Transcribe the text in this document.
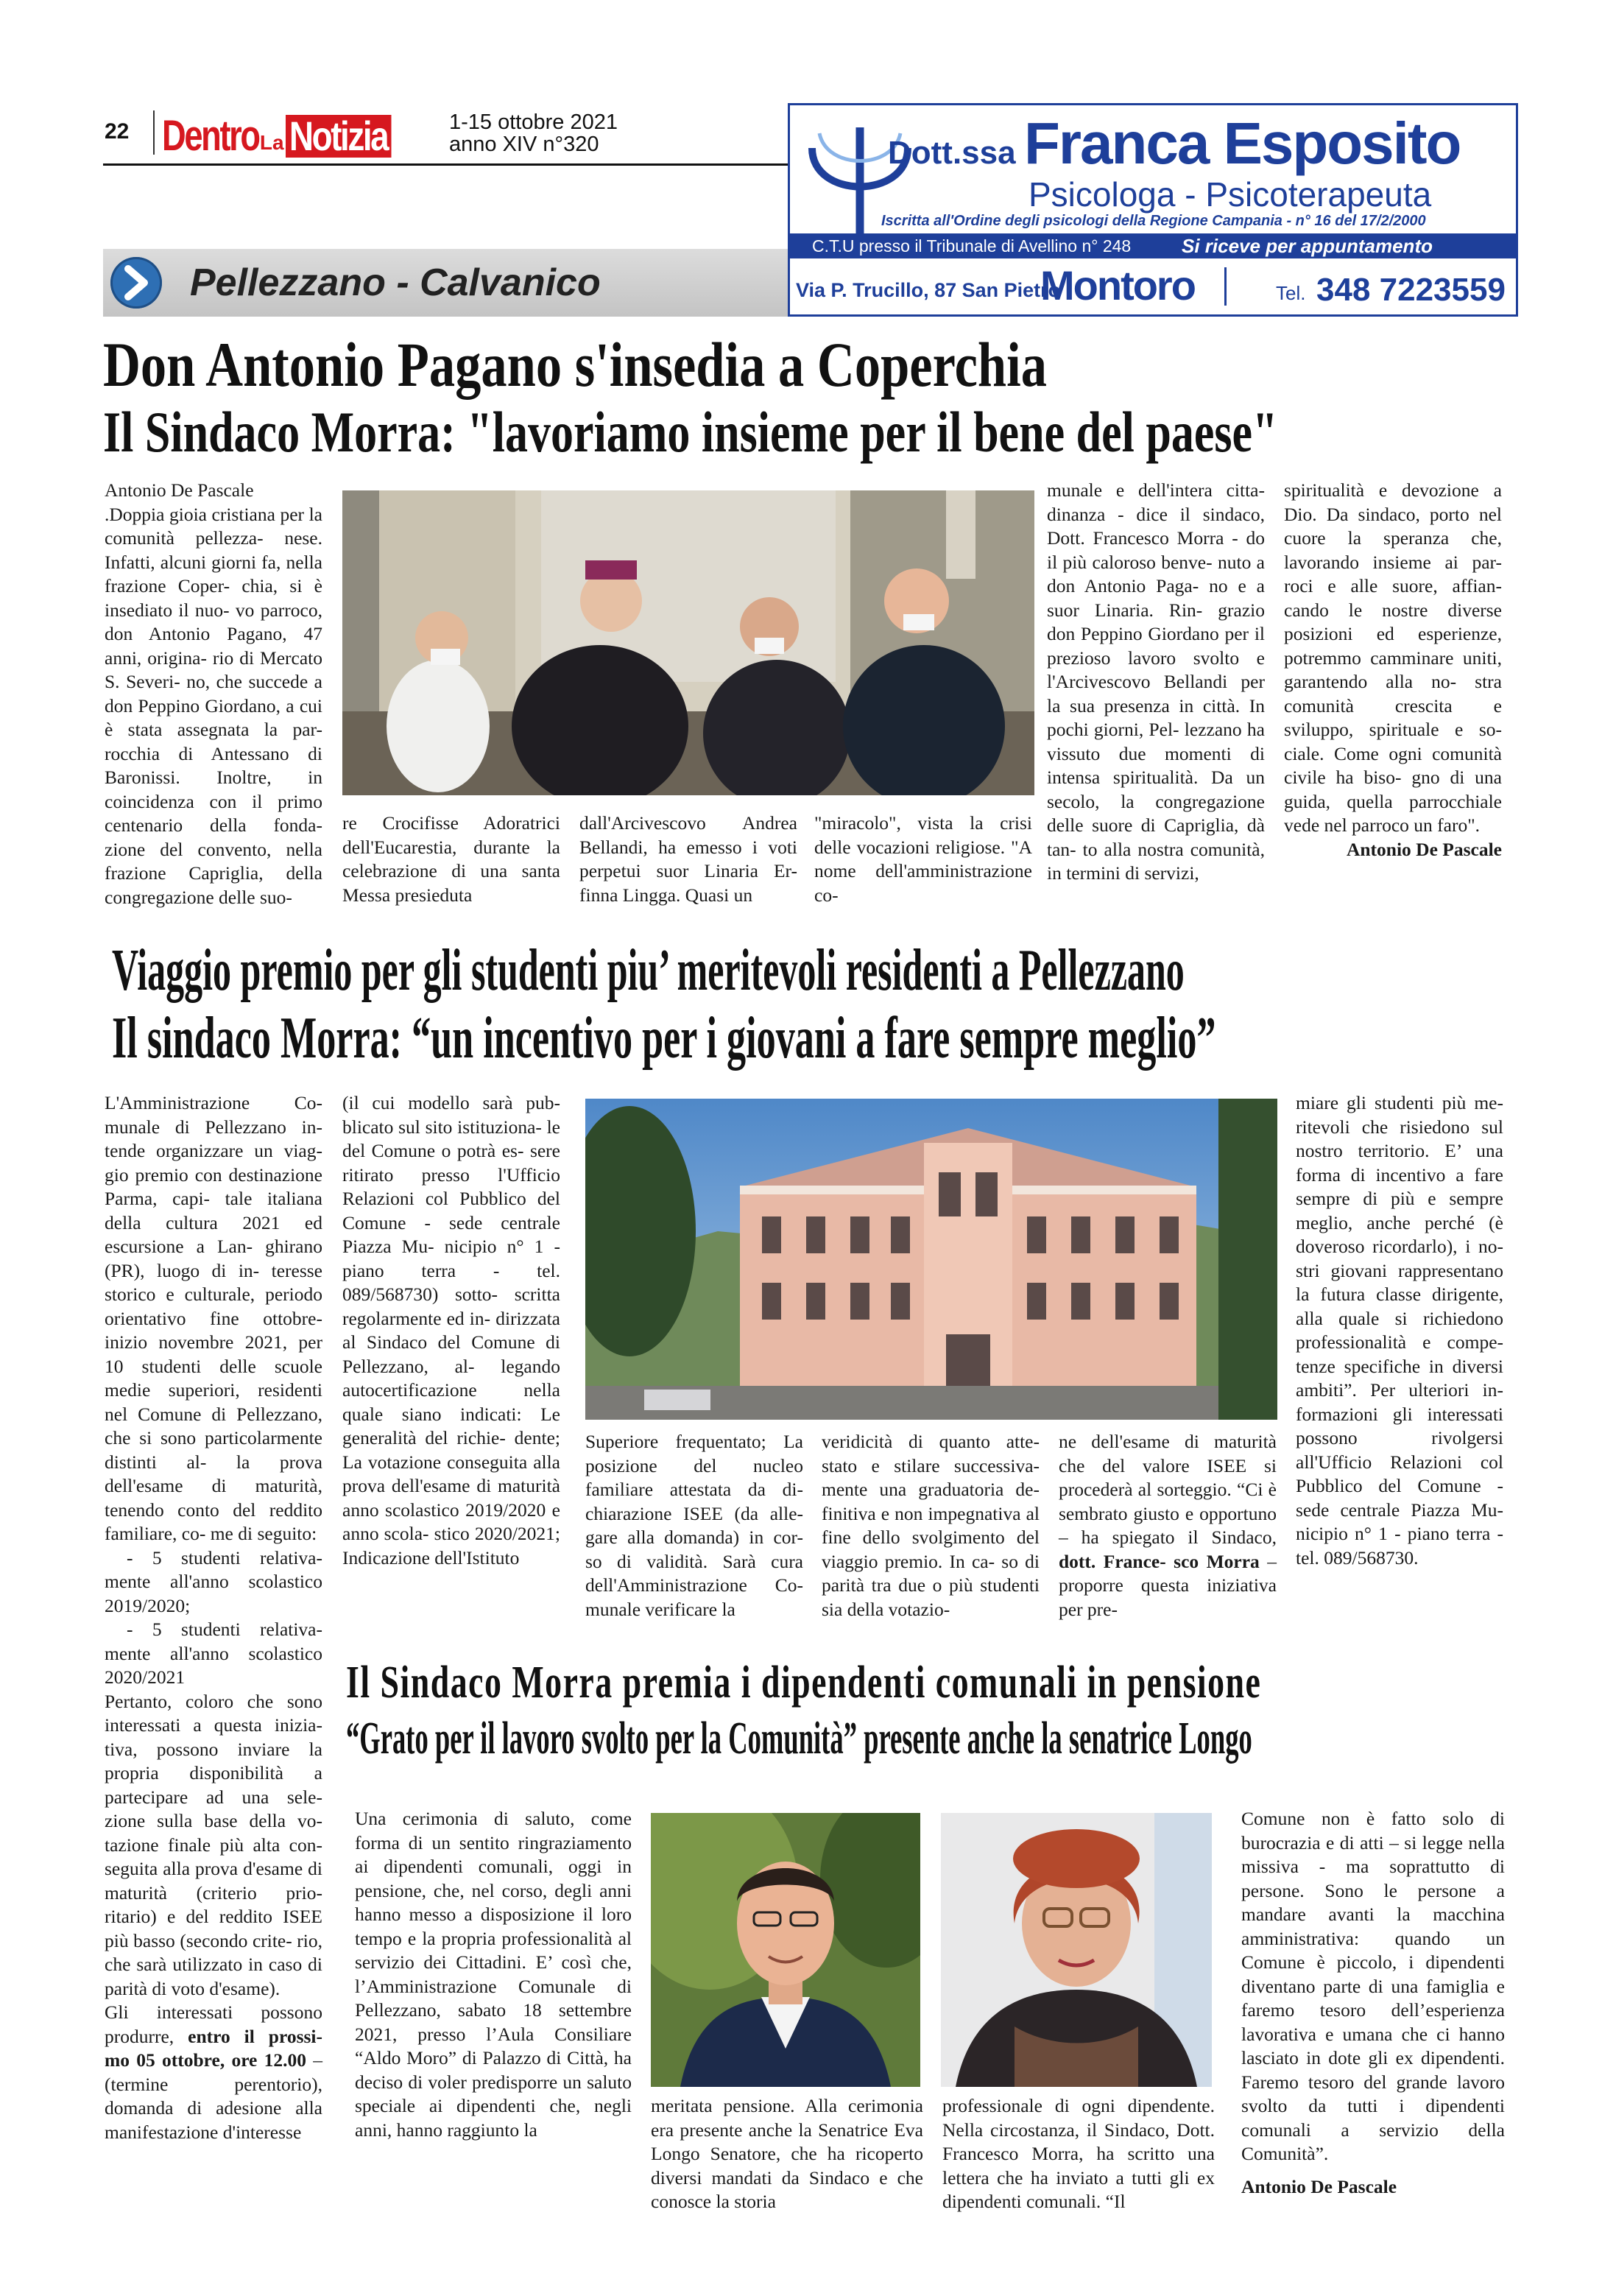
22 Dentro La Notizia	1-15 ottobre 2021
anno XIV n°320
Pellezzano - Calvanico
Dott.ssa Franca Esposito
Psicologa - Psicoterapeuta
Iscritta all'Ordine degli psicologi della Regione Campania - n° 16 del 17/2/2000
C.T.U presso il Tribunale di Avellino n° 248	Si riceve per appuntamento
Via P. Trucillo, 87 San Pietro
Montoro	Tel. 348 7223559
Don Antonio Pagano s'insedia a Coperchia
Il Sindaco Morra: "lavoriamo insieme per il bene del paese"

Antonio De Pascale

.Doppia gioia cristiana per la comunità pellezza- nese. Infatti, alcuni giorni fa, nella frazione Coper- chia, si è insediato il nuo- vo parroco, don Antonio Pagano, 47 anni, origina- rio di Mercato S. Severi- no, che succede a don Peppino Giordano, a cui è stata assegnata la par- rocchia di Antessano di Baronissi. Inoltre, in coincidenza con il primo centenario della fonda- zione del convento, nella frazione Capriglia, della congregazione delle suo-

re Crocifisse Adoratrici dell'Eucarestia, durante la celebrazione di una santa Messa presieduta
dall'Arcivescovo Andrea Bellandi, ha emesso i voti perpetui suor Linaria Er- finna Lingga. Quasi un
"miracolo", vista la crisi delle vocazioni religiose. "A nome dell'amministrazione co-
munale e dell'intera citta- dinanza - dice il sindaco, Dott. Francesco Morra - do il più caloroso benve- nuto a don Antonio Paga- no e a suor Linaria. Rin- grazio don Peppino Giordano per il prezioso lavoro svolto e l'Arcivescovo Bellandi per la sua presenza in città. In pochi giorni, Pel- lezzano ha vissuto due momenti di intensa spiritualità. Da un secolo, la congregazione delle suore di Capriglia, dà tan- to alla nostra comunità, in termini di servizi,

spiritualità e devozione a Dio. Da sindaco, porto nel cuore la speranza che, lavorando insieme ai par- roci e alle suore, affian- cando le nostre diverse posizioni ed esperienze, potremmo camminare uniti, garantendo alla no- stra comunità crescita e sviluppo, spirituale e so- ciale. Come ogni comunità civile ha biso- gno di una guida, quella parrocchiale vede nel parroco un faro".

Antonio De Pascale

Viaggio premio per gli studenti piu’ meritevoli residenti a Pellezzano
Il sindaco Morra: “un incentivo per i giovani a fare sempre meglio”

L'Amministrazione Co- munale di Pellezzano in- tende organizzare un viag- gio premio con destinazione Parma, capi- tale italiana della cultura 2021 ed escursione a Lan- ghirano (PR), luogo di in- teresse storico e culturale, periodo orientativo fine ottobre-inizio novembre 2021, per 10 studenti delle scuole medie superiori, residenti nel Comune di Pellezzano, che si sono particolarmente distinti al- la prova dell'esame di maturità, tenendo conto del reddito familiare, co- me di seguito:

- 5 studenti relativa- mente all'anno scolastico 2019/2020;

- 5 studenti relativa- mente all'anno scolastico 2020/2021

Pertanto, coloro che sono interessati a questa inizia- tiva, possono inviare la propria disponibilità a partecipare ad una sele- zione sulla base della vo- tazione finale più alta con- seguita alla prova d'esame di maturità (criterio prio- ritario) e del reddito ISEE più basso (secondo crite- rio, che sarà utilizzato in caso di parità di voto d'esame).

Gli interessati possono produrre, entro il prossi- mo 05 ottobre, ore 12.00 – (termine perentorio), domanda di adesione alla manifestazione d'interesse

(il cui modello sarà pub- blicato sul sito istituziona- le del Comune o potrà es- sere ritirato presso l'Ufficio Relazioni col Pubblico del Comune - sede centrale Piazza Mu- nicipio n° 1 - piano terra - tel. 089/568730) sotto- scritta regolarmente ed in- dirizzata al Sindaco del Comune di Pellezzano, al- legando autocertificazione nella quale siano indicati: Le generalità del richie- dente; La votazione conseguita alla prova dell'esame di maturità anno scolastico 2019/2020 e anno scola- stico 2020/2021; Indicazione dell'Istituto
Superiore frequentato; La posizione del nucleo familiare attestata da di- chiarazione ISEE (da alle- gare alla domanda) in cor- so di validità. Sarà cura dell'Amministrazione Co- munale verificare la
veridicità di quanto atte- stato e stilare successiva- mente una graduatoria de- finitiva e non impegnativa al fine dello svolgimento del viaggio premio. In ca- so di parità tra due o più studenti sia della votazio-
ne dell'esame di maturità che del valore ISEE si procederà al sorteggio. “Ci è sembrato giusto e opportuno – ha spiegato il Sindaco, dott. France- sco Morra – proporre questa iniziativa per pre-
miare gli studenti più me- ritevoli che risiedono sul nostro territorio. E’ una forma di incentivo a fare sempre di più e sempre meglio, anche perché (è doveroso ricordarlo), i no- stri giovani rappresentano la futura classe dirigente, alla quale si richiedono professionalità e compe- tenze specifiche in diversi ambiti”. Per ulteriori in- formazioni gli interessati possono rivolgersi all'Ufficio Relazioni col Pubblico del Comune - sede centrale Piazza Mu- nicipio n° 1 - piano terra - tel. 089/568730.
Il Sindaco Morra premia i dipendenti comunali in pensione
“Grato per il lavoro svolto per la Comunità” presente anche la senatrice Longo
Una cerimonia di saluto, come forma di un sentito ringraziamento ai dipendenti comunali, oggi in pensione, che, nel corso, degli anni hanno messo a disposizione il loro tempo e la propria professionalità al servizio dei Cittadini. E’ così che, l’Amministrazione Comunale di Pellezzano, sabato 18 settembre 2021, presso l’Aula Consiliare “Aldo Moro” di Palazzo di Città, ha deciso di voler predisporre un saluto speciale ai dipendenti che, negli anni, hanno raggiunto la
meritata pensione. Alla cerimonia era presente anche la Senatrice Eva Longo Senatore, che ha ricoperto diversi mandati da Sindaco e che conosce la storia
professionale di ogni dipendente. Nella circostanza, il Sindaco, Dott. Francesco Morra, ha scritto una lettera che ha inviato a tutti gli ex dipendenti comunali. “Il

Comune non è fatto solo di burocrazia e di atti – si legge nella missiva - ma soprattutto di persone. Sono le persone a mandare avanti la macchina amministrativa: quando un Comune è piccolo, i dipendenti diventano parte di una famiglia e faremo tesoro dell’esperienza lavorativa e umana che ci hanno lasciato in dote gli ex dipendenti. Faremo tesoro del grande lavoro svolto da tutti i dipendenti comunali a servizio della Comunità”.

Antonio De Pascale
